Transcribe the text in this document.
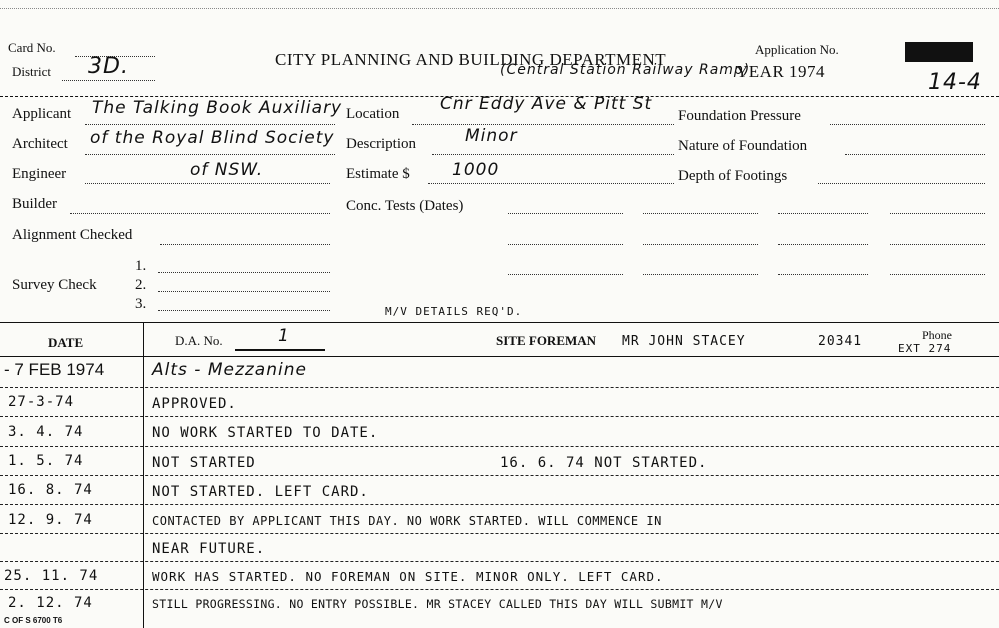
Card No.
District 3D.	CITY PLANNING AND BUILDING DEPARTMENT
(Central Station Railway Ramp)
Application No.
YEAR 1974	14-4
Applicant The Talking Book Auxiliary
Architect of the Royal Blind Society
Engineer	of NSW.
Builder
Alignment Checked
Survey Check
1.
2.
3.
Location Cnr Eddy Ave & Pitt St
Description	Minor
Estimate $ 1000
Conc. Tests (Dates)
M/V DETAILS REQ'D.
Foundation Pressure
Nature of Foundation
Depth of Footings
DATE	D.A. No.	1	SITE FOREMAN MR JOHN STACEY	20341	Phone
EXT 274
- 7 FEB 1974	Alts - Mezzanine
27-3-74	APPROVED.
3. 4. 74	NO WORK STARTED TO DATE.
1. 5. 74	NOT STARTED	16. 6. 74 NOT STARTED.
16. 8. 74	NOT STARTED. LEFT CARD.
12. 9. 74	CONTACTED BY APPLICANT THIS DAY. NO WORK STARTED. WILL COMMENCE IN
NEAR FUTURE.
25. 11. 74	WORK HAS STARTED. NO FOREMAN ON SITE. MINOR ONLY. LEFT CARD.
2. 12. 74	STILL PROGRESSING. NO ENTRY POSSIBLE. MR STACEY CALLED THIS DAY WILL SUBMIT M/V
C OF S 6700 T6
